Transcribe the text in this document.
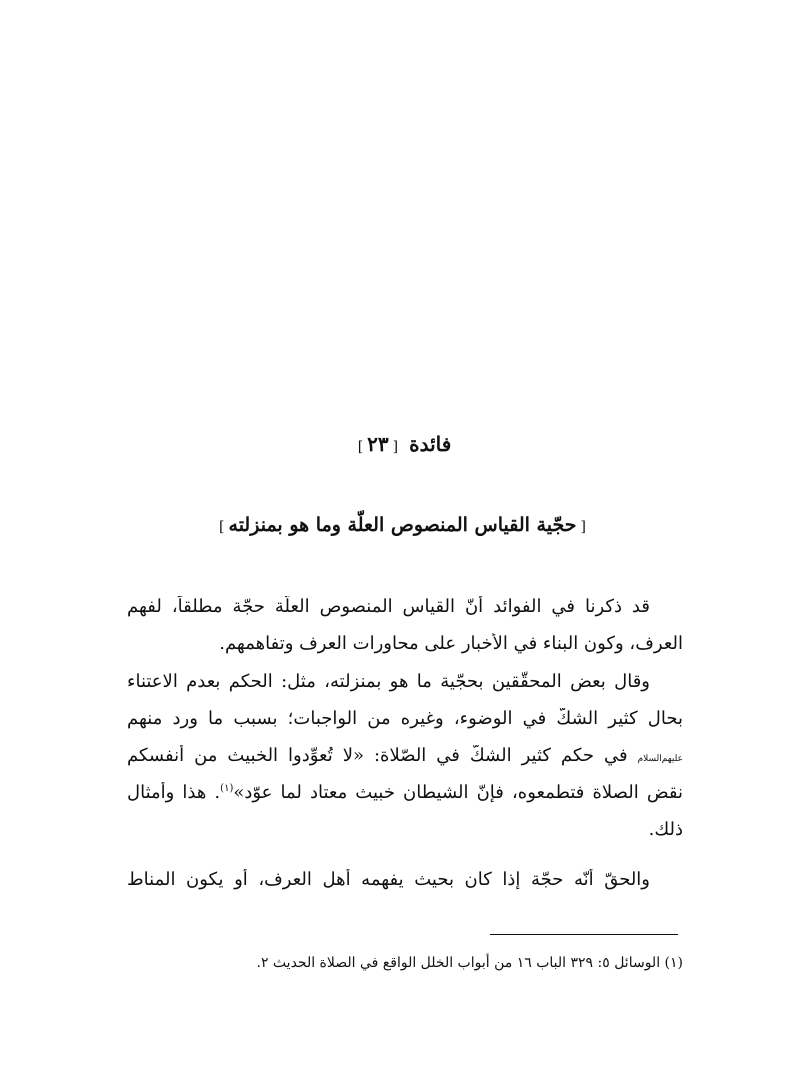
فائدة [٢٣]
[حجّية القياس المنصوص العلّة وما هو بمنزلته]
قد ذكرنا في الفوائد أنّ القياس المنصوص العلّة حجّة مطلقاً، لفهم
العرف، وكون البناء في الأخبار على محاورات العرف وتفاهمهم.
وقال بعض المحقّقين بحجّية ما هو بمنزلته، مثل: الحكم بعدم الاعتناء
بحال كثير الشكّ في الوضوء، وغيره من الواجبات؛ بسبب ما ورد منهم
عليهم‌السلام في حكم كثير الشكّ في الصّلاة: «لا تُعوِّدوا الخبيث من أنفسكم
نقض الصلاة فتطمعوه، فإنّ الشيطان خبيث معتاد لما عوّد»$^{(١)}$. هذا وأمثال
ذلك.
والحقّ أنّه حجّة إذا كان بحيث يفهمه أهل العرف، أو يكون المناط
(١) الوسائل ٥: ٣٢٩ الباب ١٦ من أبواب الخلل الواقع في الصلاة الحديث ٢.
